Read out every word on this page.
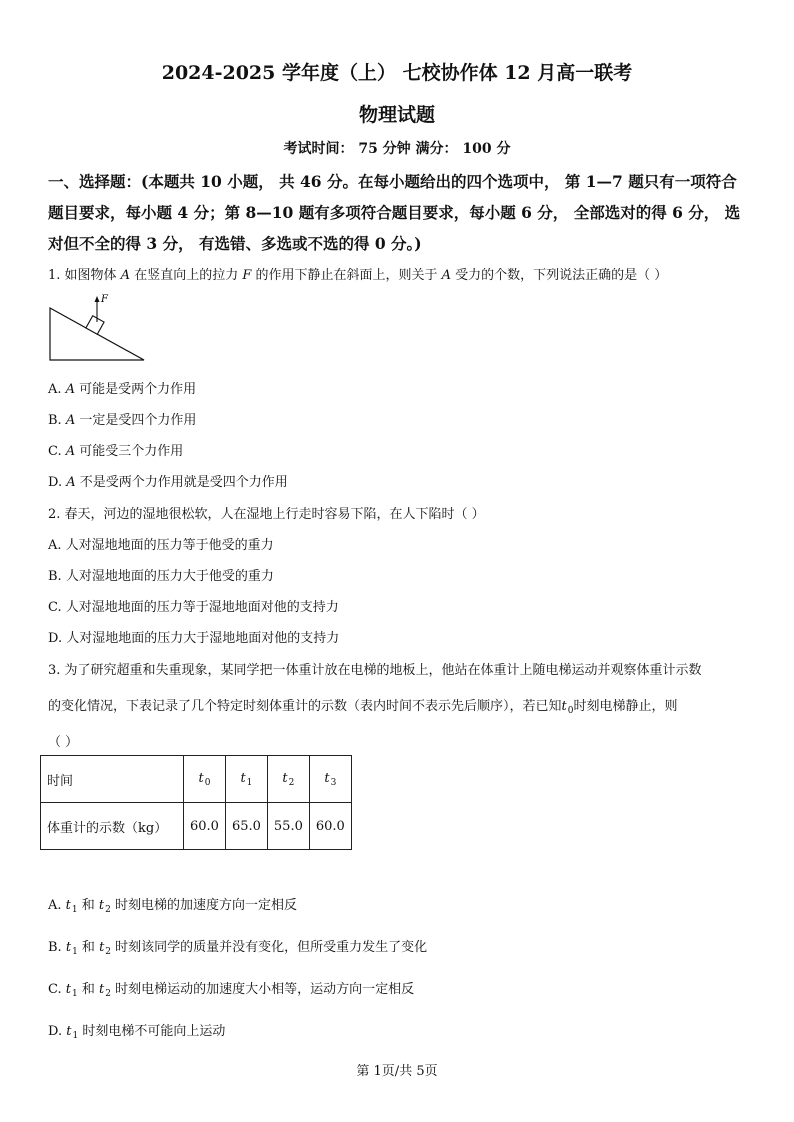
2024-2025 学年度（上） 七校协作体 12 月高一联考
物理试题
考试时间： 75 分钟 满分： 100 分
一、选择题：(本题共 10 小题， 共 46 分。在每小题给出的四个选项中， 第 1—7 题只有一项符合
题目要求，每小题 4 分；第 8—10 题有多项符合题目要求，每小题 6 分， 全部选对的得 6 分， 选
对但不全的得 3 分， 有选错、多选或不选的得 0 分。)
1. 如图物体 A 在竖直向上的拉力 F 的作用下静止在斜面上，则关于 A 受力的个数，下列说法正确的是（ ）
F
A. A 可能是受两个力作用
B. A 一定是受四个力作用
C. A 可能受三个力作用
D. A 不是受两个力作用就是受四个力作用
2. 春天，河边的湿地很松软，人在湿地上行走时容易下陷，在人下陷时（ ）
A. 人对湿地地面的压力等于他受的重力
B. 人对湿地地面的压力大于他受的重力
C. 人对湿地地面的压力等于湿地地面对他的支持力
D. 人对湿地地面的压力大于湿地地面对他的支持力
3. 为了研究超重和失重现象，某同学把一体重计放在电梯的地板上，他站在体重计上随电梯运动并观察体重计示数
的变化情况，下表记录了几个特定时刻体重计的示数（表内时间不表示先后顺序），若已知$t_0$时刻电梯静止，则
（ ）
时间	$t_0$	$t_1$	$t_2$	$t_3$
体重计的示数（kg）	60.0	65.0	55.0	60.0
A. $t_1$ 和 $t_2$ 时刻电梯的加速度方向一定相反
B. $t_1$ 和 $t_2$ 时刻该同学的质量并没有变化，但所受重力发生了变化
C. $t_1$ 和 $t_2$ 时刻电梯运动的加速度大小相等，运动方向一定相反
D. $t_1$ 时刻电梯不可能向上运动
第 1页/共 5页
